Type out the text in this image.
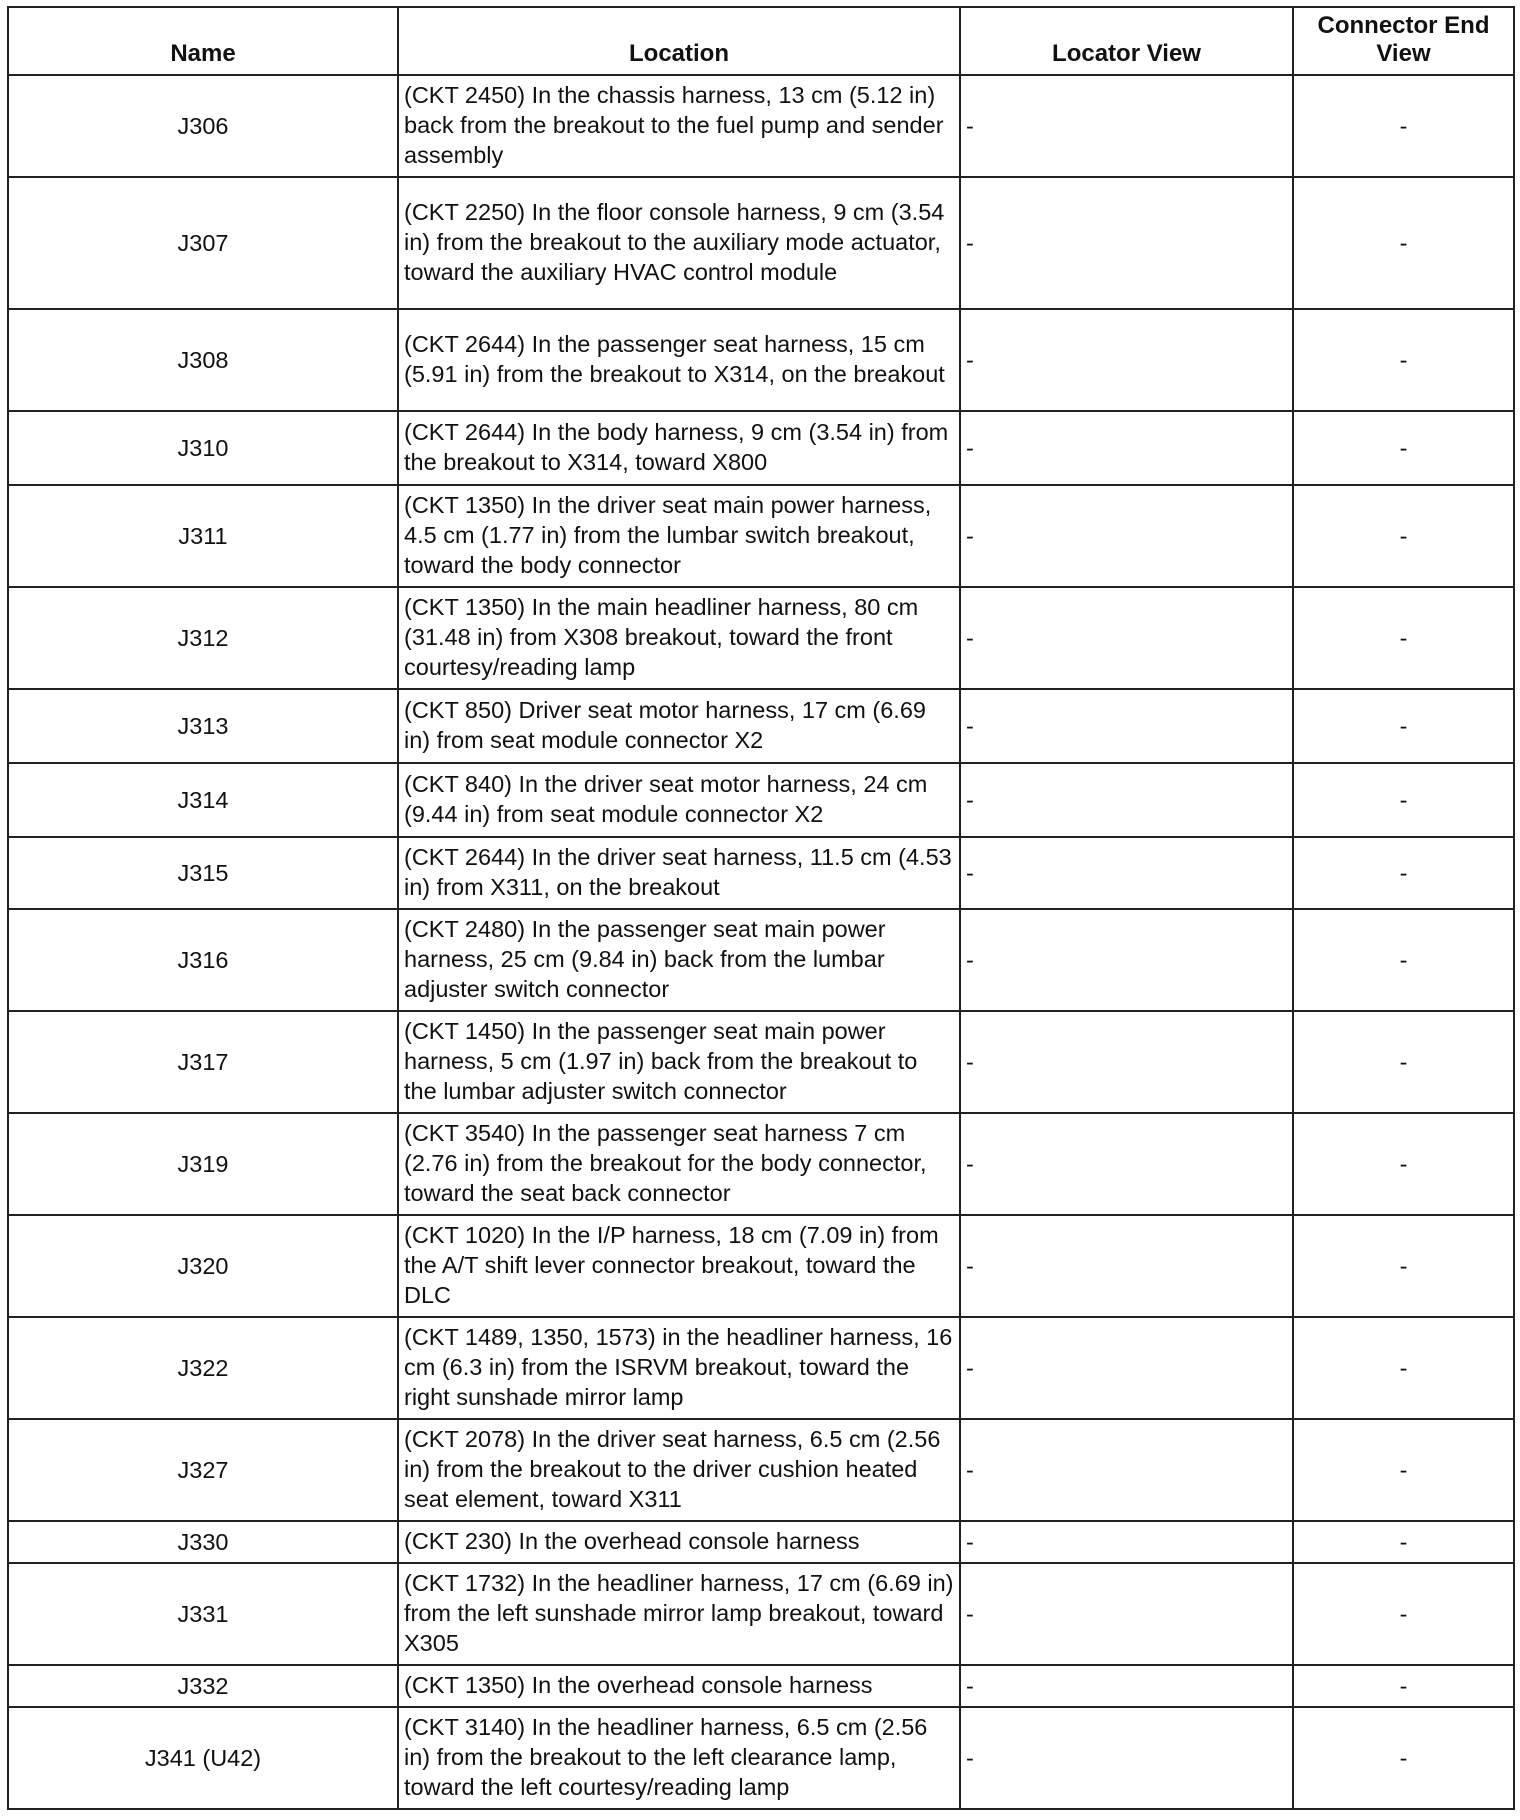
Name	Location	Locator View	Connector End View
J306	(CKT 2450) In the chassis harness, 13 cm (5.12 in) back from the breakout to the fuel pump and sender assembly	-	-
J307	(CKT 2250) In the floor console harness, 9 cm (3.54 in) from the breakout to the auxiliary mode actuator, toward the auxiliary HVAC control module	-	-
J308	(CKT 2644) In the passenger seat harness, 15 cm (5.91 in) from the breakout to X314, on the breakout	-	-
J310	(CKT 2644) In the body harness, 9 cm (3.54 in) from the breakout to X314, toward X800	-	-
J311	(CKT 1350) In the driver seat main power harness, 4.5 cm (1.77 in) from the lumbar switch breakout, toward the body connector	-	-
J312	(CKT 1350) In the main headliner harness, 80 cm (31.48 in) from X308 breakout, toward the front courtesy/reading lamp	-	-
J313	(CKT 850) Driver seat motor harness, 17 cm (6.69 in) from seat module connector X2	-	-
J314	(CKT 840) In the driver seat motor harness, 24 cm (9.44 in) from seat module connector X2	-	-
J315	(CKT 2644) In the driver seat harness, 11.5 cm (4.53 in) from X311, on the breakout	-	-
J316	(CKT 2480) In the passenger seat main power harness, 25 cm (9.84 in) back from the lumbar adjuster switch connector	-	-
J317	(CKT 1450) In the passenger seat main power harness, 5 cm (1.97 in) back from the breakout to the lumbar adjuster switch connector	-	-
J319	(CKT 3540) In the passenger seat harness 7 cm (2.76 in) from the breakout for the body connector, toward the seat back connector	-	-
J320	(CKT 1020) In the I/P harness, 18 cm (7.09 in) from the A/T shift lever connector breakout, toward the DLC	-	-
J322	(CKT 1489, 1350, 1573) in the headliner harness, 16 cm (6.3 in) from the ISRVM breakout, toward the right sunshade mirror lamp	-	-
J327	(CKT 2078) In the driver seat harness, 6.5 cm (2.56 in) from the breakout to the driver cushion heated seat element, toward X311	-	-
J330	(CKT 230) In the overhead console harness	-	-
J331	(CKT 1732) In the headliner harness, 17 cm (6.69 in) from the left sunshade mirror lamp breakout, toward X305	-	-
J332	(CKT 1350) In the overhead console harness	-	-
J341 (U42)	(CKT 3140) In the headliner harness, 6.5 cm (2.56 in) from the breakout to the left clearance lamp, toward the left courtesy/reading lamp	-	-
